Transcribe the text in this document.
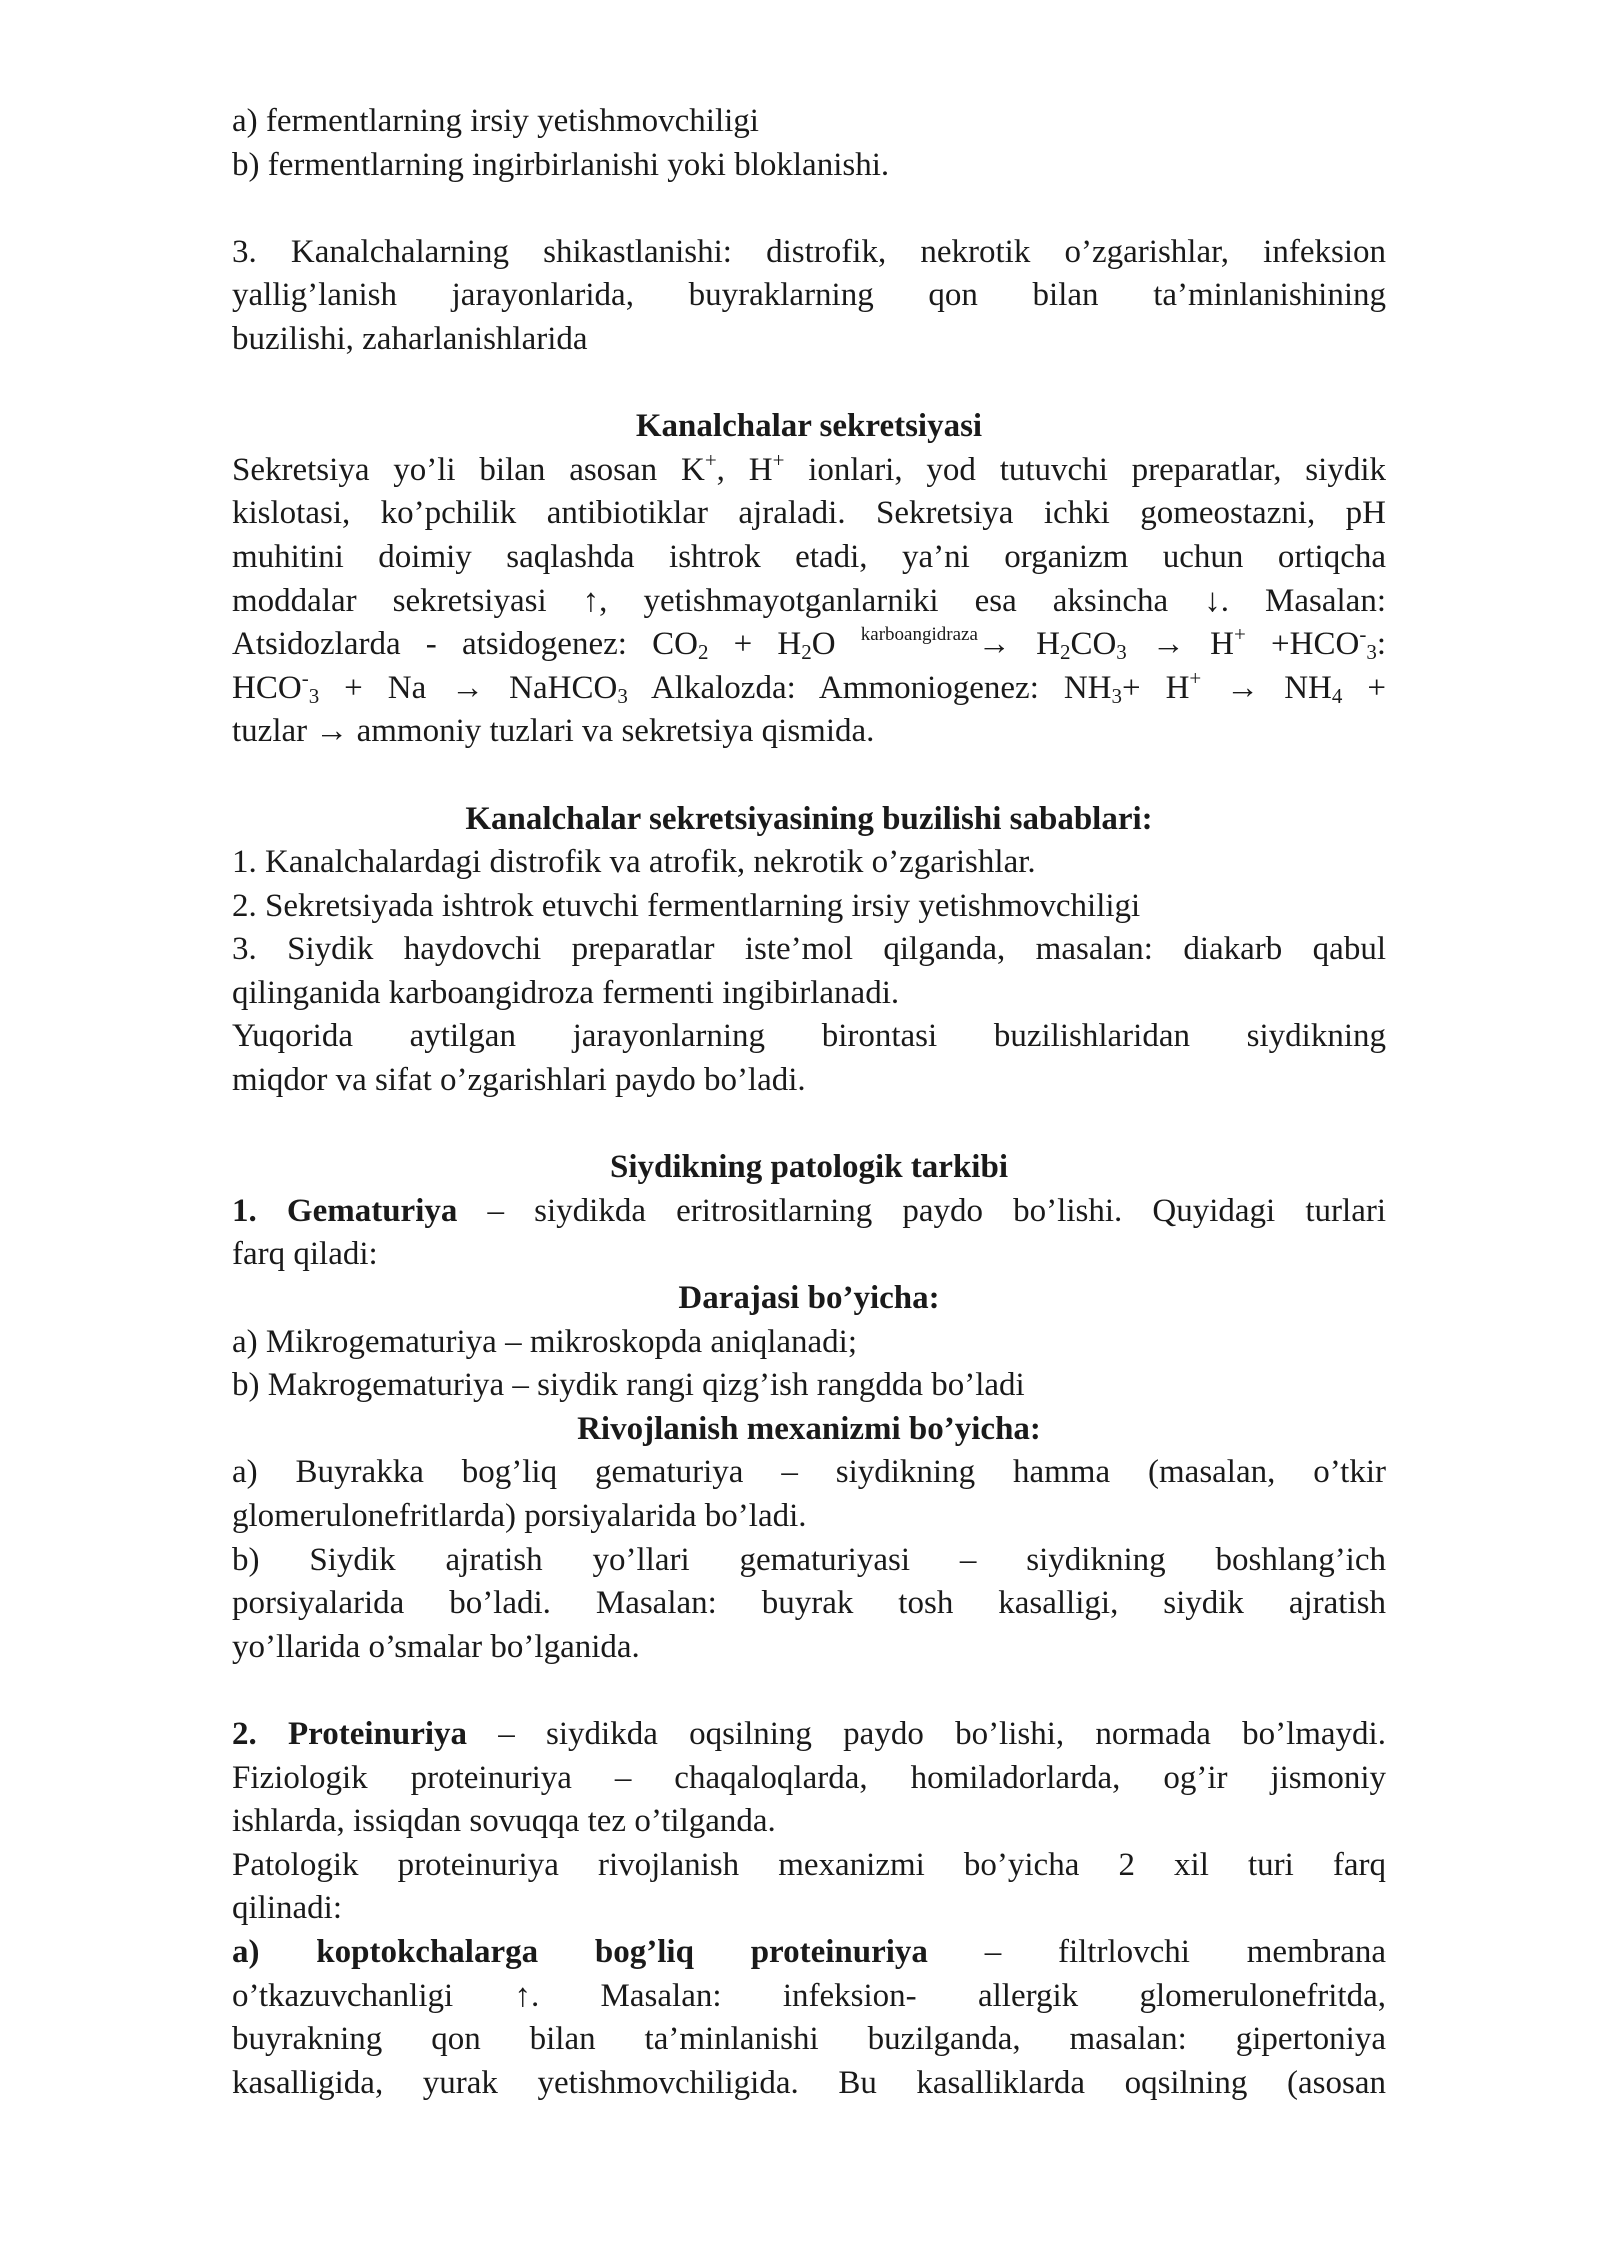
a) fermentlarning irsiy yetishmovchiligi
b) fermentlarning ingirbirlanishi yoki bloklanishi.
3. Kanalchalarning shikastlanishi: distrofik, nekrotik o’zgarishlar, infeksion
yallig’lanish jarayonlarida, buyraklarning qon bilan ta’minlanishining
buzilishi, zaharlanishlarida
Kanalchalar sekretsiyasi
Sekretsiya yo’li bilan asosan K+, H+ ionlari, yod tutuvchi preparatlar, siydik
kislotasi, ko’pchilik antibiotiklar ajraladi. Sekretsiya ichki gomeostazni, pH
muhitini doimiy saqlashda ishtrok etadi, ya’ni organizm uchun ortiqcha
moddalar sekretsiyasi ↑, yetishmayotganlarniki esa aksincha ↓. Masalan:
Atsidozlarda - atsidogenez: $CO_2 + H_2O$ $^{karboangidraza}\to H_2CO_3 \to H^+ +HCO^-_3$:
$HCO^-_3 + Na$ → NaHCO$_3$ Alkalozda: Ammoniogenez: $NH_3+ H^+ \to NH_4$ +
tuzlar → ammoniy tuzlari va sekretsiya qismida.
Kanalchalar sekretsiyasining buzilishi sabablari:
1. Kanalchalardagi distrofik va atrofik, nekrotik o’zgarishlar.
2. Sekretsiyada ishtrok etuvchi fermentlarning irsiy yetishmovchiligi
3. Siydik haydovchi preparatlar iste’mol qilganda, masalan: diakarb qabul
qilinganida karboangidroza fermenti ingibirlanadi.
Yuqorida aytilgan jarayonlarning birontasi buzilishlaridan siydikning
miqdor va sifat o’zgarishlari paydo bo’ladi.
Siydikning patologik tarkibi
1. Gematuriya – siydikda eritrositlarning paydo bo’lishi. Quyidagi turlari
farq qiladi:
Darajasi bo’yicha:
a) Mikrogematuriya – mikroskopda aniqlanadi;
b) Makrogematuriya – siydik rangi qizg’ish rangdda bo’ladi
Rivojlanish mexanizmi bo’yicha:
a) Buyrakka bog’liq gematuriya – siydikning hamma (masalan, o’tkir
glomerulonefritlarda) porsiyalarida bo’ladi.
b) Siydik ajratish yo’llari gematuriyasi – siydikning boshlang’ich
porsiyalarida bo’ladi. Masalan: buyrak tosh kasalligi, siydik ajratish
yo’llarida o’smalar bo’lganida.
2. Proteinuriya – siydikda oqsilning paydo bo’lishi, normada bo’lmaydi.
Fiziologik proteinuriya – chaqaloqlarda, homiladorlarda, og’ir jismoniy
ishlarda, issiqdan sovuqqa tez o’tilganda.
Patologik proteinuriya rivojlanish mexanizmi bo’yicha 2 xil turi farq
qilinadi:
a) koptokchalarga bog’liq proteinuriya – filtrlovchi membrana
o’tkazuvchanligi ↑. Masalan: infeksion- allergik glomerulonefritda,
buyrakning qon bilan ta’minlanishi buzilganda, masalan: gipertoniya
kasalligida, yurak yetishmovchiligida. Bu kasalliklarda oqsilning (asosan
